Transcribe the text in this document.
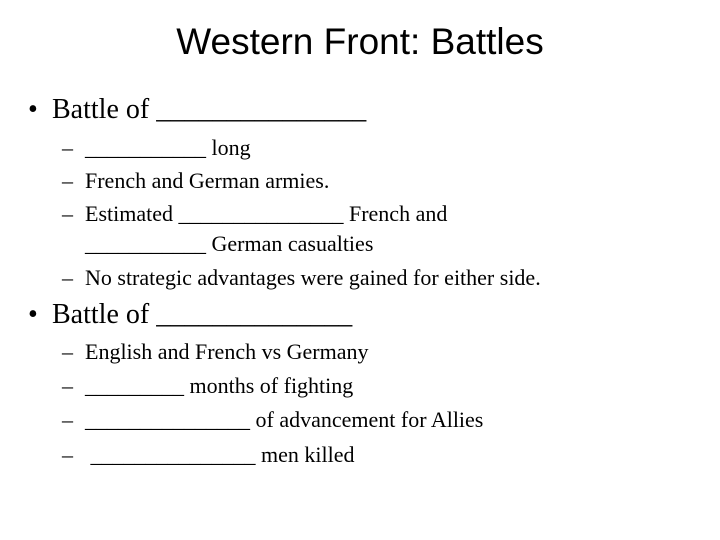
Western Front: Battles
• Battle of _______________
– ___________ long
– French and German armies.
– Estimated _______________ French and
___________ German casualties
– No strategic advantages were gained for either side.
• Battle of ______________
– English and French vs Germany
– _________ months of fighting
– _______________ of advancement for Allies
– _______________ men killed
